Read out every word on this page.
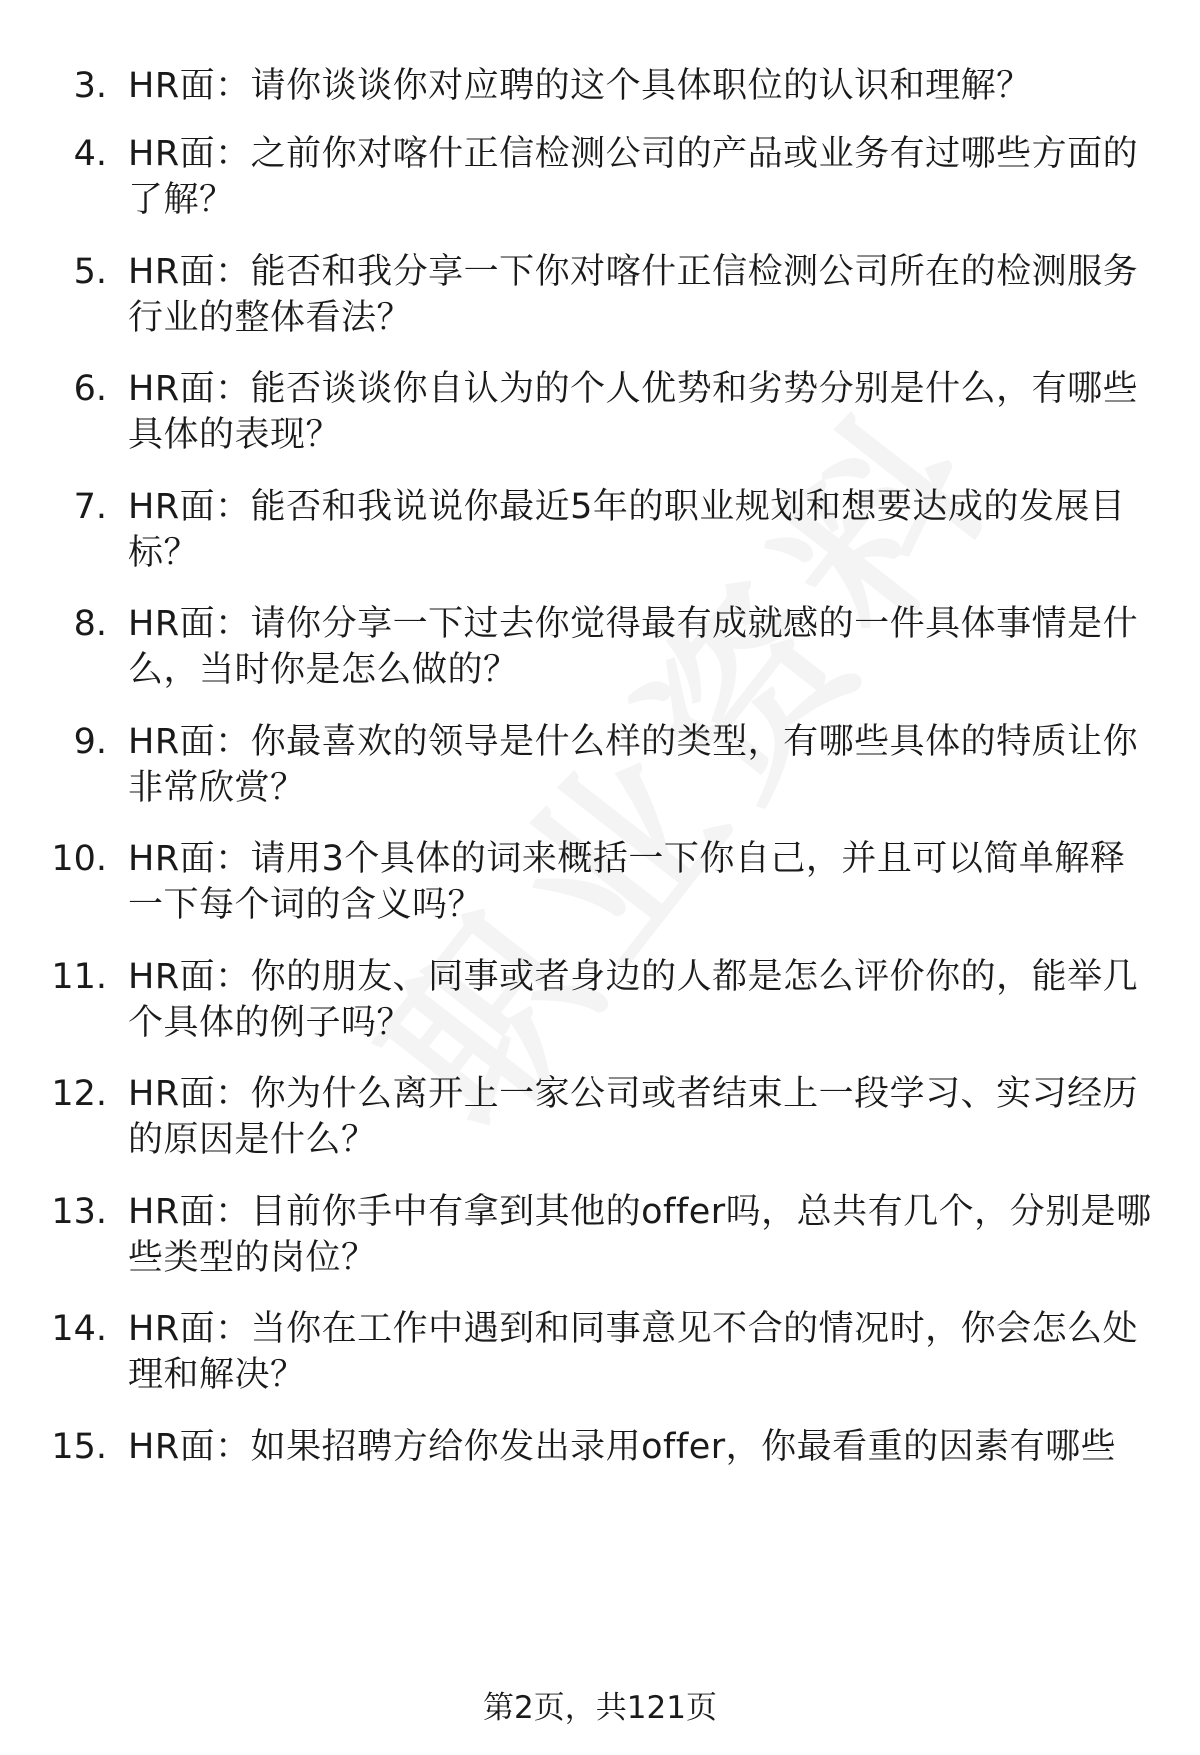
3. HR面：请你谈谈你对应聘的这个具体职位的认识和理解？
4. HR面：之前你对喀什正信检测公司的产品或业务有过哪些方面的了解？
5. HR面：能否和我分享一下你对喀什正信检测公司所在的检测服务行业的整体看法？
6. HR面：能否谈谈你自认为的个人优势和劣势分别是什么，有哪些具体的表现？
7. HR面：能否和我说说你最近5年的职业规划和想要达成的发展目标？
8. HR面：请你分享一下过去你觉得最有成就感的一件具体事情是什么，当时你是怎么做的？
9. HR面：你最喜欢的领导是什么样的类型，有哪些具体的特质让你非常欣赏？
10. HR面：请用3个具体的词来概括一下你自己，并且可以简单解释一下每个词的含义吗？
11. HR面：你的朋友、同事或者身边的人都是怎么评价你的，能举几个具体的例子吗？
12. HR面：你为什么离开上一家公司或者结束上一段学习、实习经历的原因是什么？
13. HR面：目前你手中有拿到其他的offer吗，总共有几个，分别是哪些类型的岗位？
14. HR面：当你在工作中遇到和同事意见不合的情况时，你会怎么处理和解决？
15. HR面：如果招聘方给你发出录用offer，你最看重的因素有哪些
第2页，共121页
